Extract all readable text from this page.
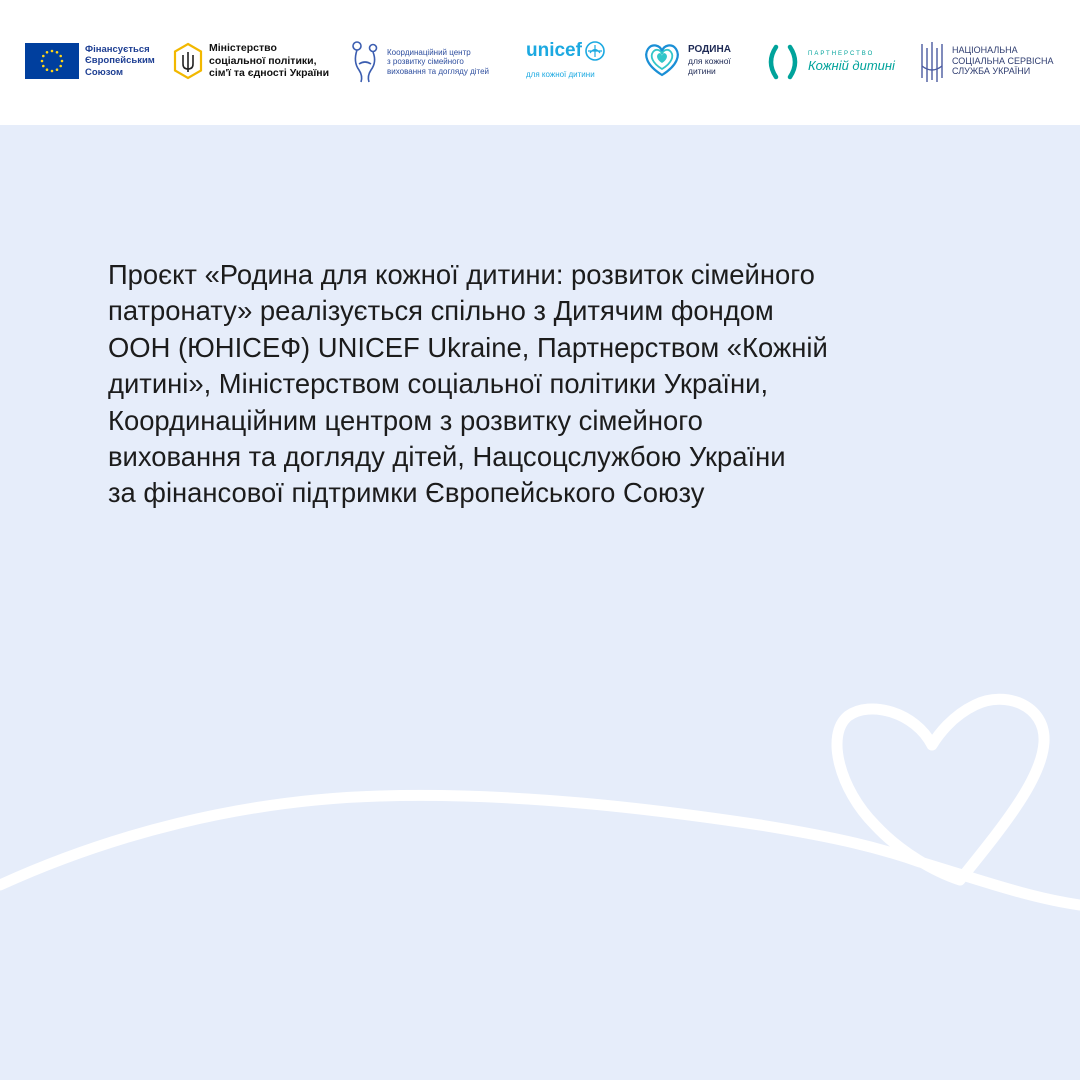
Фінансується
Європейським
Союзом
Міністерство
соціальної політики,
сім'ї та єдності України
Координаційний центр
з розвитку сімейного
виховання та догляду дітей
unicef
для кожної дитини
РОДИНА
для кожної
дитини
ПАРТНЕРСТВО
Кожній дитині
НАЦІОНАЛЬНА
СОЦІАЛЬНА СЕРВІСНА
СЛУЖБА УКРАЇНИ

Проєкт «Родина для кожної дитини: розвиток сімейного
патронату» реалізується спільно з Дитячим фондом
ООН (ЮНІСЕФ) UNICEF Ukraine, Партнерством «Кожній
дитині», Міністерством соціальної політики України,
Координаційним центром з розвитку сімейного
виховання та догляду дітей, Нацсоцслужбою України
за фінансової підтримки Європейського Союзу
